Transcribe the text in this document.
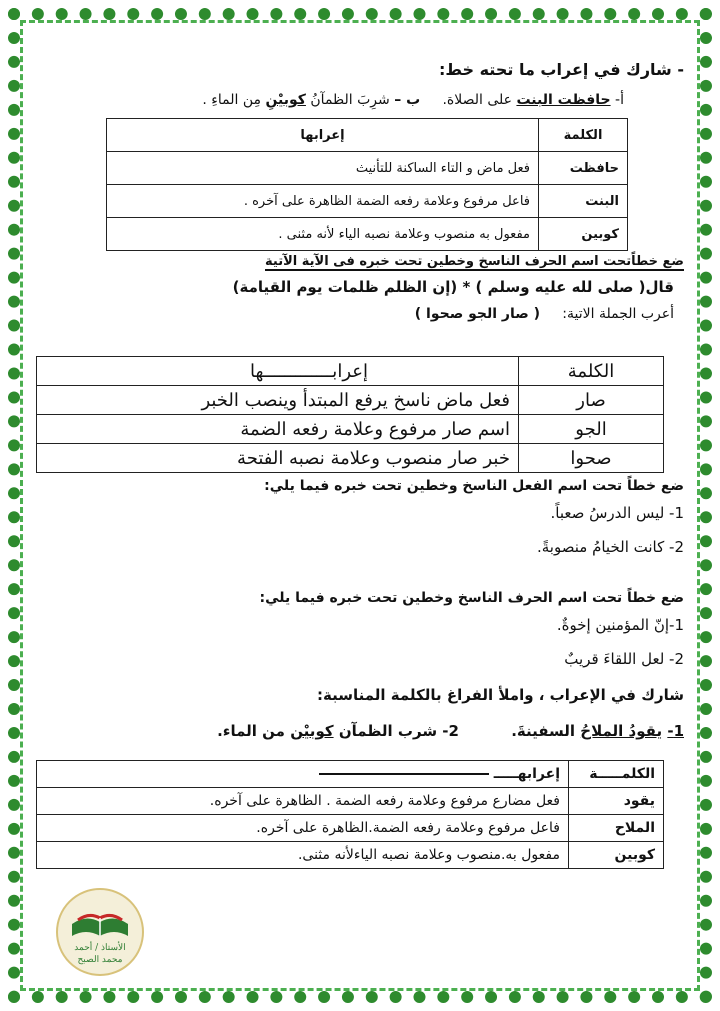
- شارك في إعراب ما تحته خط:
أ- حافظت البنت على الصلاة.     ب – شرِبَ الظمآنُ كوبيْنِ مِن الماءِ .
الكلمة	إعرابها
حافظت	فعل ماض و التاء الساكنة للتأنيث
البنت	فاعل مرفوع وعلامة رفعه الضمة الظاهرة على آخره .
كوبين	مفعول به منصوب وعلامة نصبه الياء لأنه مثنى .
ضع خطاًتحت اسم الحرف الناسخ وخطين تحت خبره فى الآية الآتية
قال( صلى لله عليه وسلم ) * (إن الظلم ظلمات يوم القيامة)
أعرب الجملة الاتية:     ( صار الجو صحوا )
الكلمة	إعرابـــــــــــــها
صار	فعل ماض ناسخ يرفع المبتدأ وينصب الخبر
الجو	اسم صار مرفوع وعلامة رفعه الضمة
صحوا	خبر صار منصوب وعلامة نصبه الفتحة
ضع خطاً تحت اسم الفعل الناسخ وخطين تحت خبره فيما يلي:
1- ليس الدرسُ صعباً.
2- كانت الخيامُ منصوبةً.
ضع خطاً تحت اسم الحرف الناسخ وخطين تحت خبره فيما يلي:
1-إنّ المؤمنين إخوةٌ.
2- لعل اللقاءَ قريبٌ
شارك في الإعراب ، واملأ الفراغ بالكلمة المناسبة:
1- يقودُ الملاحُ السفينةَ.          2- شرب الظمآن كوبيْن من الماء.
الكلمـــــة	إعرابهـــــ
يقود	فعل مضارع مرفوع وعلامة رفعه الضمة . الظاهرة على آخره.
الملاح	فاعل مرفوع وعلامة رفعه الضمة.الظاهرة على آخره.
كوبين	مفعول به.منصوب وعلامة نصبه الياءلأنه مثنى.
الأستاذ / أحمد
محمد الصبح
